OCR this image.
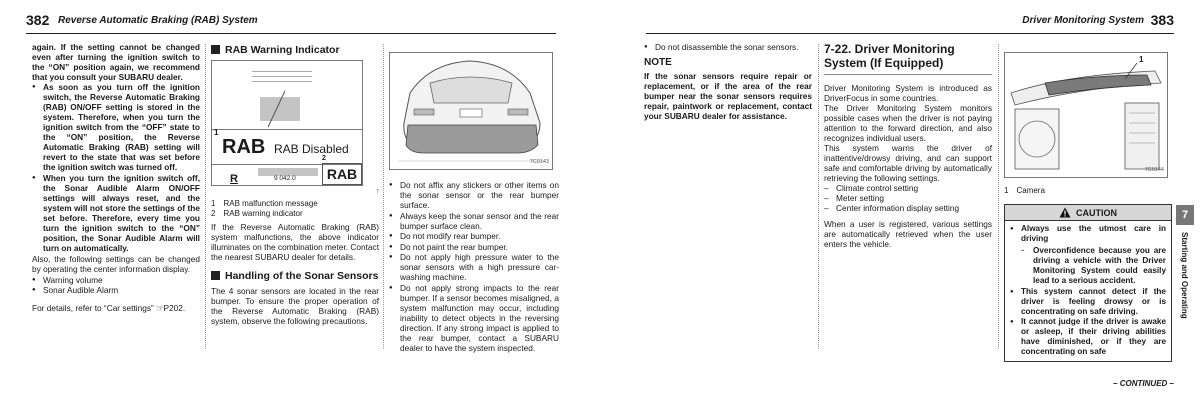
382 Reverse Automatic Braking (RAB) System

again. If the setting cannot be changed even after turning the ignition switch to the “ON” position again, we recommend that you consult your SUBARU dealer.

● As soon as you turn off the ignition switch, the Reverse Automatic Braking (RAB) ON/OFF setting is stored in the system. Therefore, when you turn the ignition switch from the “OFF” state to the “ON” position, the Reverse Automatic Braking (RAB) setting will revert to the state that was set before the ignition switch was turned off.
● When you turn the ignition switch off, the Sonar Audible Alarm ON/OFF settings will always reset, and the system will not store the settings of the set before. Therefore, every time you turn the ignition switch to the “ON” position, the Sonar Audible Alarm will turn on automatically.

Also, the following settings can be changed by operating the center information display.

● Warning volume
● Sonar Audible Alarm

For details, refer to “Car settings” ☞P202.

RAB Warning Indicator
1
RAB RAB Disabled
RAB
2
R	9 042.0
7
1 RAB malfunction message
2 RAB warning indicator

If the Reverse Automatic Braking (RAB) system malfunctions, the above indicator illuminates on the combination meter. Contact the nearest SUBARU dealer for details.

Handling of the Sonar Sensors

The 4 sonar sensors are located in the rear bumper. To ensure the proper operation of the Reverse Automatic Braking (RAB) system, observe the following precautions.

7C0143
● Do not affix any stickers or other items on the sonar sensor or the rear bumper surface.
● Always keep the sonar sensor and the rear bumper surface clean.
● Do not modify rear bumper.
● Do not paint the rear bumper.
● Do not apply high pressure water to the sonar sensors with a high pressure car-washing machine.
● Do not apply strong impacts to the rear bumper. If a sensor becomes misaligned, a system malfunction may occur, including inability to detect objects in the reversing direction. If any strong impact is applied to the rear bumper, contact a SUBARU dealer to have the system inspected.
Driver Monitoring System 383
● Do not disassemble the sonar sensors.
NOTE

If the sonar sensors require repair or replacement, or if the area of the rear bumper near the sonar sensors requires repair, paintwork or replacement, contact your SUBARU dealer for assistance.

7-22. Driver Monitoring System (If Equipped)

Driver Monitoring System is introduced as DriverFocus in some countries.

The Driver Monitoring System monitors possible cases when the driver is not paying attention to the forward direction, and also recognizes individual users.

This system warns the driver of inattentive/drowsy driving, and can support safe and comfortable driving by automatically retrieving the following settings.

– Climate control setting
– Meter setting
– Center information display setting

When a user is registered, various settings are automatically retrieved when the user enters the vehicle.

1
7C0144
1 Camera
CAUTION
● Always use the utmost care in driving
– Overconfidence because you are driving a vehicle with the Driver Monitoring System could easily lead to a serious accident.
● This system cannot detect if the driver is feeling drowsy or is concentrating on safe driving.
● It cannot judge if the driver is awake or asleep, if their driving abilities have diminished, or if they are concentrating on safe
7
Starting and Operating
– CONTINUED –
